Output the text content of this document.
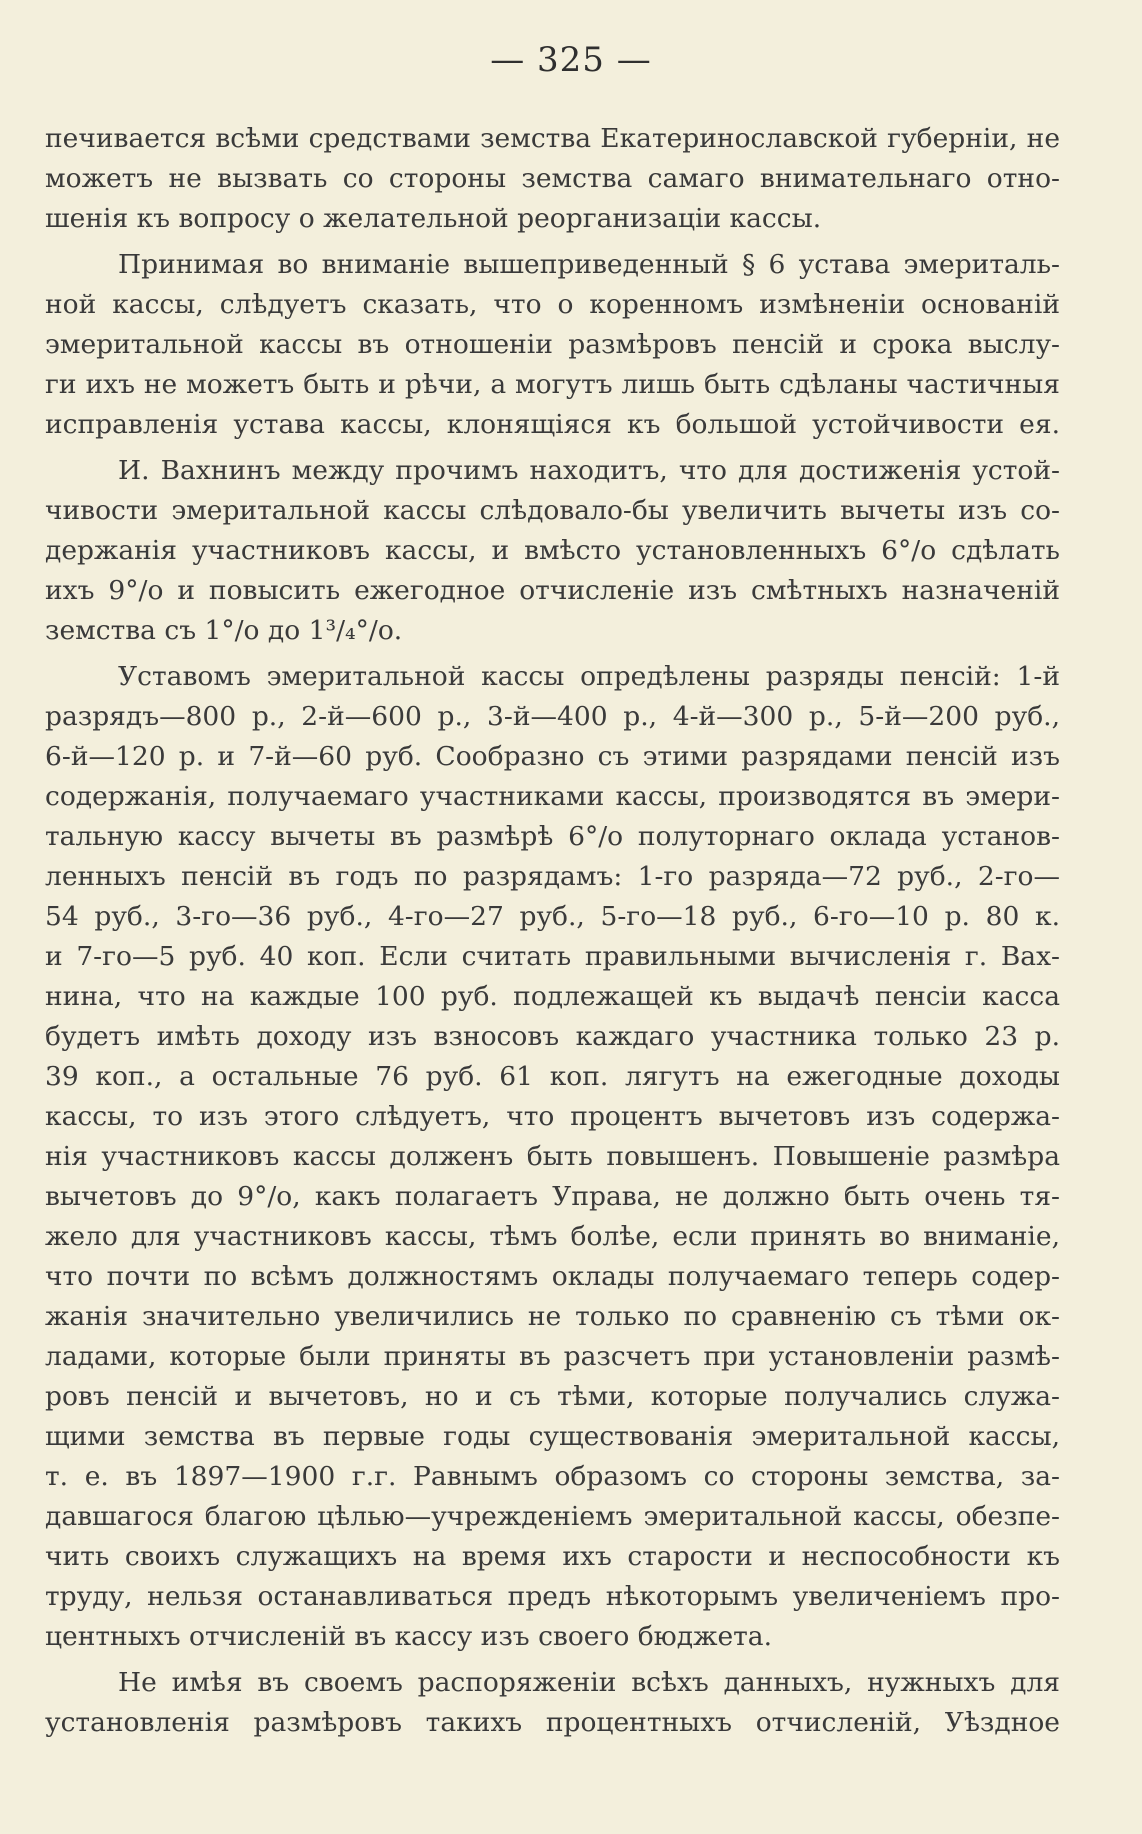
— 325 —
печивается всѣми средствами земства Екатеринославской губерніи, не
можетъ не вызвать со стороны земства самаго внимательнаго отно-
шенія къ вопросу о желательной реорганизаціи кассы.
Принимая во вниманіе вышеприведенный § 6 устава эмериталь-
ной кассы, слѣдуетъ сказать, что о коренномъ измѣненіи основаній
эмеритальной кассы въ отношеніи размѣровъ пенсій и срока выслу-
ги ихъ не можетъ быть и рѣчи, а могутъ лишь быть сдѣланы частичныя
исправленія устава кассы, клонящіяся къ большой устойчивости ея.
И. Вахнинъ между прочимъ находитъ, что для достиженія устой-
чивости эмеритальной кассы слѣдовало-бы увеличить вычеты изъ со-
держанія участниковъ кассы, и вмѣсто установленныхъ 6°/о сдѣлать
ихъ 9°/о и повысить ежегодное отчисленіе изъ смѣтныхъ назначеній
земства съ 1°/о до 1³/₄°/о.
Уставомъ эмеритальной кассы опредѣлены разряды пенсій: 1-й
разрядъ—800 р., 2-й—600 р., 3-й—400 р., 4-й—300 р., 5-й—200 руб.,
6-й—120 р. и 7-й—60 руб. Сообразно съ этими разрядами пенсій изъ
содержанія, получаемаго участниками кассы, производятся въ эмери-
тальную кассу вычеты въ размѣрѣ 6°/о полуторнаго оклада установ-
ленныхъ пенсій въ годъ по разрядамъ: 1-го разряда—72 руб., 2-го—
54 руб., 3-го—36 руб., 4-го—27 руб., 5-го—18 руб., 6-го—10 р. 80 к.
и 7-го—5 руб. 40 коп. Если считать правильными вычисленія г. Вах-
нина, что на каждые 100 руб. подлежащей къ выдачѣ пенсіи касса
будетъ имѣть доходу изъ взносовъ каждаго участника только 23 р.
39 коп., а остальные 76 руб. 61 коп. лягутъ на ежегодные доходы
кассы, то изъ этого слѣдуетъ, что процентъ вычетовъ изъ содержа-
нія участниковъ кассы долженъ быть повышенъ. Повышеніе размѣра
вычетовъ до 9°/о, какъ полагаетъ Управа, не должно быть очень тя-
жело для участниковъ кассы, тѣмъ болѣе, если принять во вниманіе,
что почти по всѣмъ должностямъ оклады получаемаго теперь содер-
жанія значительно увеличились не только по сравненію съ тѣми ок-
ладами, которые были приняты въ разсчетъ при установленіи размѣ-
ровъ пенсій и вычетовъ, но и съ тѣми, которые получались служа-
щими земства въ первые годы существованія эмеритальной кассы,
т. е. въ 1897—1900 г.г. Равнымъ образомъ со стороны земства, за-
давшагося благою цѣлью—учрежденіемъ эмеритальной кассы, обезпе-
чить своихъ служащихъ на время ихъ старости и неспособности къ
труду, нельзя останавливаться предъ нѣкоторымъ увеличеніемъ про-
центныхъ отчисленій въ кассу изъ своего бюджета.
Не имѣя въ своемъ распоряженіи всѣхъ данныхъ, нужныхъ для
установленія размѣровъ такихъ процентныхъ отчисленій, Уѣздное
